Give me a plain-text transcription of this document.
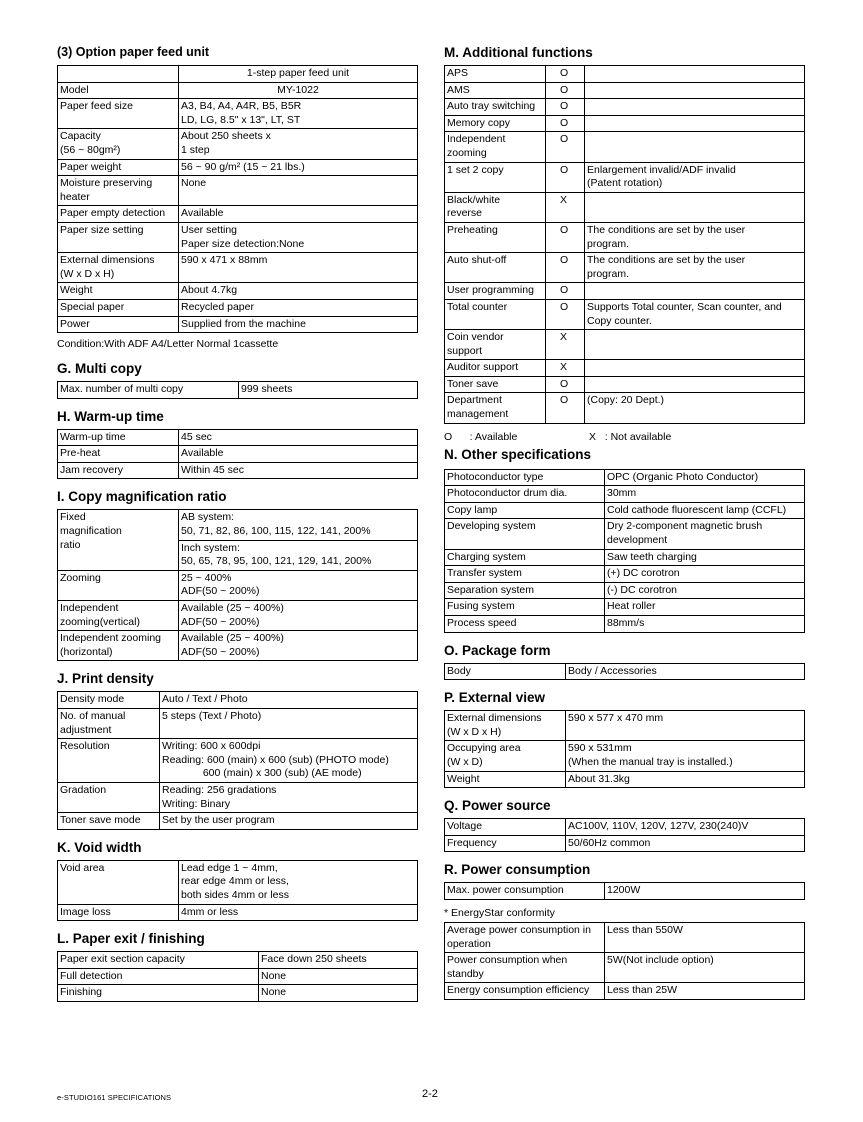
(3) Option paper feed unit
	1-step paper feed unit
Model	MY-1022
Paper feed size	A3, B4, A4, A4R, B5, B5R
LD, LG, 8.5" x 13", LT, ST

Capacity
(56 ~ 80gm²)	About 250 sheets x
1 step

Paper weight	56 ~ 90 g/m² (15 ~ 21 lbs.)

Moisture preserving
heater	None

Paper empty detection	Available

Paper size setting	User setting
Paper size detection:None

External dimensions
(W x D x H)	590 x 471 x 88mm

Weight	About 4.7kg

Special paper	Recycled paper

Power	Supplied from the machine
Condition:With ADF A4/Letter Normal 1cassette
G. Multi copy
Max. number of multi copy	999 sheets
H. Warm-up time
Warm-up time	45 sec
Pre-heat	Available
Jam recovery	Within 45 sec
I. Copy magnification ratio
Fixed
magnification
ratio	AB system:
50, 71, 82, 86, 100, 115, 122, 141, 200%

	Inch system:
50, 65, 78, 95, 100, 121, 129, 141, 200%

Zooming	25 ~ 400%
ADF(50 ~ 200%)

Independent
zooming(vertical)	Available (25 ~ 400%)
ADF(50 ~ 200%)

Independent zooming
(horizontal)	Available (25 ~ 400%)
ADF(50 ~ 200%)
J. Print density
Density mode	Auto / Text / Photo

No. of manual
adjustment	5 steps (Text / Photo)

Resolution	Writing: 600 x 600dpi
Reading: 600 (main) x 600 (sub) (PHOTO mode)
600 (main) x 300 (sub) (AE mode)

Gradation	Reading: 256 gradations
Writing: Binary

Toner save mode	Set by the user program
K. Void width
Void area	Lead edge 1 ~ 4mm,
rear edge 4mm or less,
both sides 4mm or less

Image loss	4mm or less
L. Paper exit / finishing
Paper exit section capacity	Face down 250 sheets
Full detection	None
Finishing	None
M. Additional functions
APS	O	
AMS	O	
Auto tray switching	O	
Memory copy	O	
Independent
zooming	O	
1 set 2 copy	O	Enlargement invalid/ADF invalid
(Patent rotation)
Black/white
reverse	X	
Preheating	O	The conditions are set by the user
program.
Auto shut-off	O	The conditions are set by the user
program.
User programming	O	
Total counter	O	Supports Total counter, Scan counter, and
Copy counter.
Coin vendor
support	X	
Auditor support	X	
Toner save	O	
Department
management	O	(Copy: 20 Dept.)
O      : Available	X   : Not available
N. Other specifications
Photoconductor type	OPC (Organic Photo Conductor)

Photoconductor drum dia.	30mm

Copy lamp	Cold cathode fluorescent lamp (CCFL)

Developing system	Dry 2-component magnetic brush
development

Charging system	Saw teeth charging

Transfer system	(+) DC corotron

Separation system	(-) DC corotron

Fusing system	Heat roller

Process speed	88mm/s
O. Package form
Body	Body / Accessories
P. External view
External dimensions
(W x D x H)	590 x 577 x 470 mm

Occupying area
(W x D)	590 x 531mm
(When the manual tray is installed.)

Weight	About 31.3kg
Q. Power source
Voltage	AC100V, 110V, 120V, 127V, 230(240)V
Frequency	50/60Hz common
R. Power consumption
Max. power consumption	1200W
* EnergyStar conformity
Average power consumption in
operation	Less than 550W
Power consumption when
standby	5W(Not include option)
Energy consumption efficiency	Less than 25W
e-STUDIO161 SPECIFICATIONS	2-2
